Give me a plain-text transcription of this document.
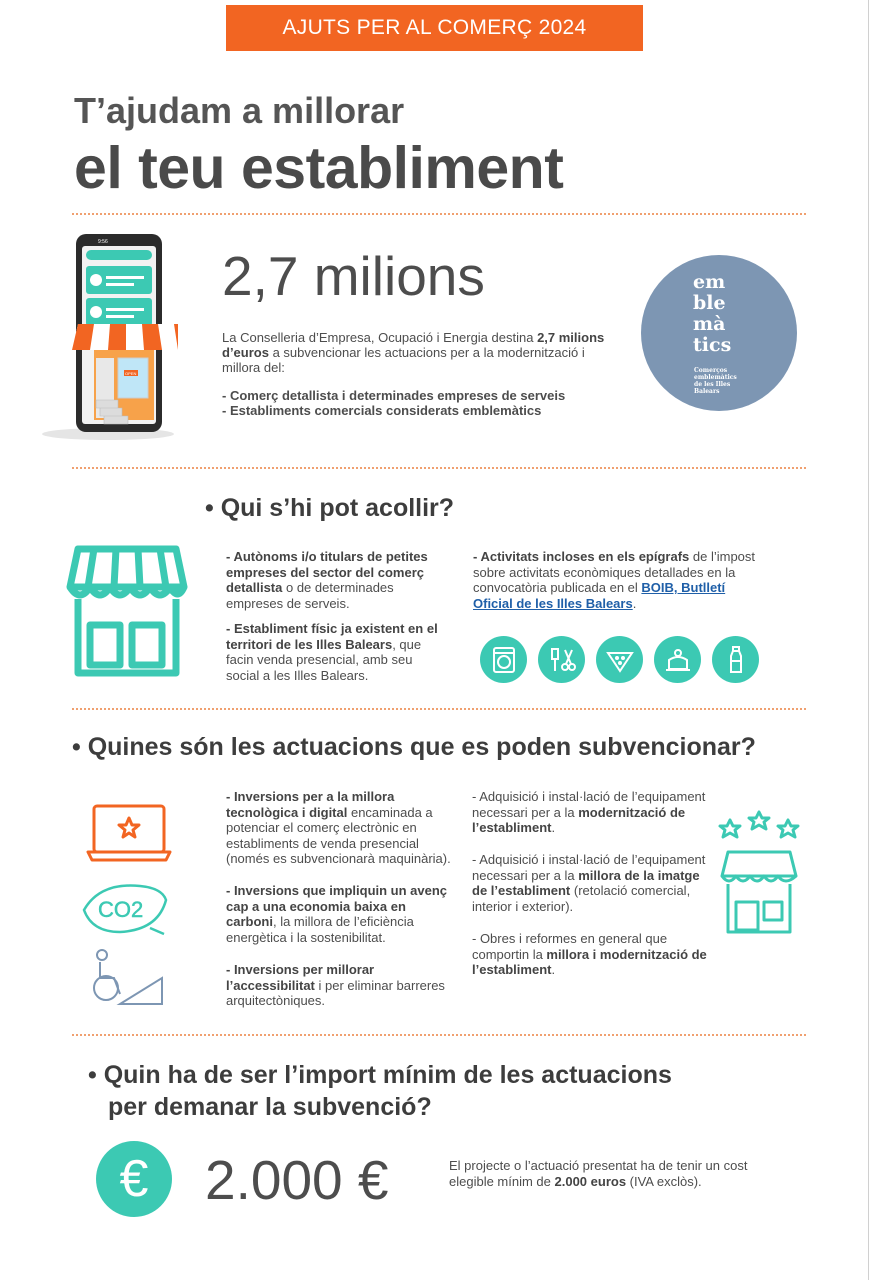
AJUTS PER AL COMERÇ 2024
T’ajudam a millorar
el teu establiment
9:56
OPEN
2,7 milions
La Conselleria d’Empresa, Ocupació i Energia destina 2,7 milions d’euros a subvencionar les actuacions per a la modernització i millora del:
- Comerç detallista i determinades empreses de serveis
- Establiments comercials considerats emblemàtics
em
ble
mà
tics
Comerços
emblemàtics
de les Illes
Balears
• Qui s’hi pot acollir?
- Autònoms i/o titulars de petites empreses del sector del comerç detallista o de determinades empreses de serveis.
- Establiment físic ja existent en el territori de les Illes Balears, que facin venda presencial, amb seu social a les Illes Balears.
- Activitats incloses en els epígrafs de l’impost sobre activitats econòmiques detallades en la convocatòria publicada en el BOIB, Butlletí Oficial de les Illes Balears.
• Quines són les actuacions que es poden subvencionar?
CO2
- Inversions per a la millora tecnològica i digital encaminada a potenciar el comerç electrònic en establiments de venda presencial (només es subvencionarà maquinària).
- Inversions que impliquin un avenç cap a una economia baixa en carboni, la millora de l’eficiència energètica i la sostenibilitat.
- Inversions per millorar l’accessibilitat i per eliminar barreres arquitectòniques.
- Adquisició i instal·lació de l’equipament necessari per a la modernització de l’establiment.
- Adquisició i instal·lació de l’equipament necessari per a la millora de la imatge de l’establiment (retolació comercial, interior i exterior).
- Obres i reformes en general que comportin la millora i modernització de l’establiment.
• Quin ha de ser l’import mínim de les actuacions
per demanar la subvenció?
€ 2.000 €	El projecte o l’actuació presentat ha de tenir un cost elegible mínim de 2.000 euros (IVA exclòs).
